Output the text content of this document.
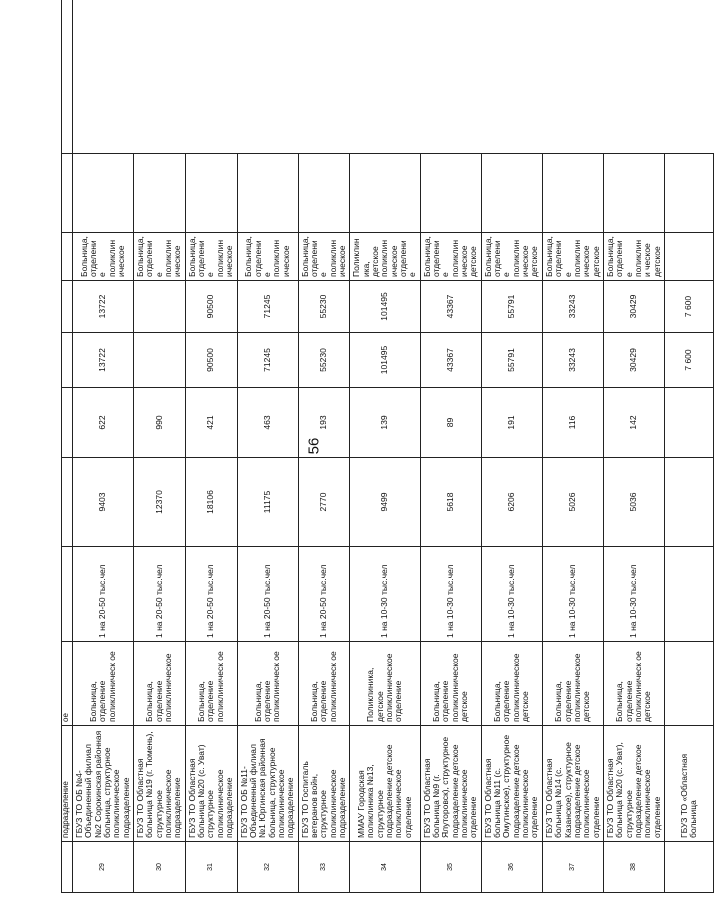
56
	подразделение	ое								
29	ГБУЗ ТО ОБ №4- Объединенный филиал №2 Сорокинская районная больница, структурное поликлиническое подразделение	Больница, отделение поликлиническ ое	1 на 20-50 тыс.чел	9403	622	13722	13722	Больница, отделение поликлиническое		
30	ГБУЗ ТО Областная больница №19 (г. Тюмень), структурное поликлиническое подразделение	Больница, отделение поликлиническое	1 на 20-50 тыс.чел	12370	990			Больница, отделение поликлиническое		
31	ГБУЗ ТО Областная больница №20 (с. Уват) структурное поликлиническое подразделение	Больница, отделение поликлиническ ое	1 на 20-50 тыс.чел	18106	421	90500	90500	Больница, отделение поликлиническое		
32	ГБУЗ ТО ОБ №11- Объединенный филиал №1 Юргинская районная больница, структурное поликлиническое подразделение	Больница, отделение поликлиническ ое	1 на 20-50 тыс.чел	11175	463	71245	71245	Больница, отделение поликлиническое		
33	ГБУЗ ТО Госпиталь ветеранов войн, структурное поликлиническое подразделение	Больница, отделение поликлиническ ое	1 на 20-50 тыс.чел	2770	193	55230	55230	Больница, отделение поликлиническое		
34	ММАУ Городская поликлиника №13, структурное подразделение детское поликлиническое отделение	Поликлиника, детское поликлиническое отделение	1 на 10-30 тыс.чел	9499	139	101495	101495	Поликлиника, детское поликлиническое отделение		
35	ГБУЗ ТО Областная больница №9 (г. Ялуторовск), структурное подразделение детское поликлиническое отделение	Больница, отделение поликлиническое детское	1 на 10-30 тыс.чел	5618	89	43367	43367	Больница, отделение поликлиническое детское		
36	ГБУЗ ТО Областная больница №11 (с. Омутинское), структурное подразделение детское поликлиническое отделение	Больница, отделение поликлиническое детское	1 на 10-30 тыс.чел	6206	191	55791	55791	Больница, отделение поликлиническое детское		
37	ГБУЗ ТО Областная больница №14 (с. Казанское), структурное подразделение детское поликлиническое отделение	Больница, отделение поликлиническое детское	1 на 10-30 тыс.чел	5026	116	33243	33243	Больница, отделение поликлиническое детское		
38	ГБУЗ ТО Областная больница №20 (с. Уват), структурное подразделение детское поликлиническое отделение	Больница, отделение поликлиническ ое детское	1 на 10-30 тыс.чел	5036	142	30429	30429	Больница, отделение поликлини ческое детское		
	ГБУЗ ТО «Областная больница					7 600	7 600			
